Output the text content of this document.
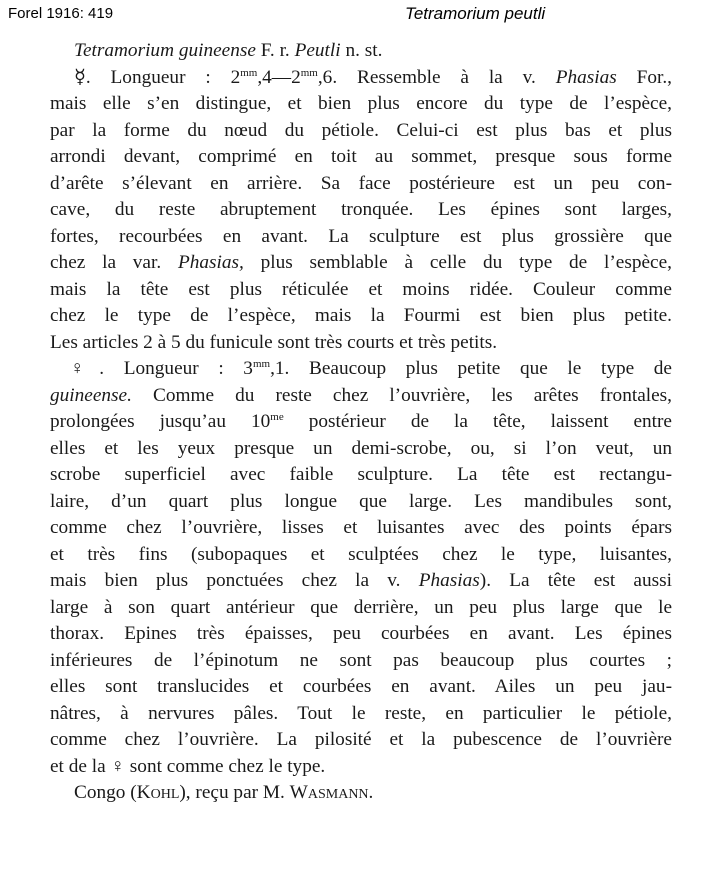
Forel 1916: 419	Tetramorium peutli
Tetramorium guineense F. r. Peutli n. st.
☿. Longueur : $2^{mm},4—2^{mm},6$. Ressemble à la v. Phasias For.,
mais elle s’en distingue, et bien plus encore du type de l’espèce,
par la forme du nœud du pétiole. Celui-ci est plus bas et plus
arrondi devant, comprimé en toit au sommet, presque sous forme
d’arête s’élevant en arrière. Sa face postérieure est un peu con-
cave, du reste abruptement tronquée. Les épines sont larges,
fortes, recourbées en avant. La sculpture est plus grossière que
chez la var. Phasias, plus semblable à celle du type de l’espèce,
mais la tête est plus réticulée et moins ridée. Couleur comme
chez le type de l’espèce, mais la Fourmi est bien plus petite.
Les articles 2 à 5 du funicule sont très courts et très petits.
♀. Longueur : $3^{mm},1$. Beaucoup plus petite que le type de
guineense. Comme du reste chez l’ouvrière, les arêtes frontales,
prolongées jusqu’au $10^{me}$ postérieur de la tête, laissent entre
elles et les yeux presque un demi-scrobe, ou, si l’on veut, un
scrobe superficiel avec faible sculpture. La tête est rectangu-
laire, d’un quart plus longue que large. Les mandibules sont,
comme chez l’ouvrière, lisses et luisantes avec des points épars
et très fins (subopaques et sculptées chez le type, luisantes,
mais bien plus ponctuées chez la v. Phasias). La tête est aussi
large à son quart antérieur que derrière, un peu plus large que le
thorax. Epines très épaisses, peu courbées en avant. Les épines
inférieures de l’épinotum ne sont pas beaucoup plus courtes ;
elles sont translucides et courbées en avant. Ailes un peu jau-
nâtres, à nervures pâles. Tout le reste, en particulier le pétiole,
comme chez l’ouvrière. La pilosité et la pubescence de l’ouvrière
et de la ♀ sont comme chez le type.
Congo (Kohl), reçu par M. Wasmann.
